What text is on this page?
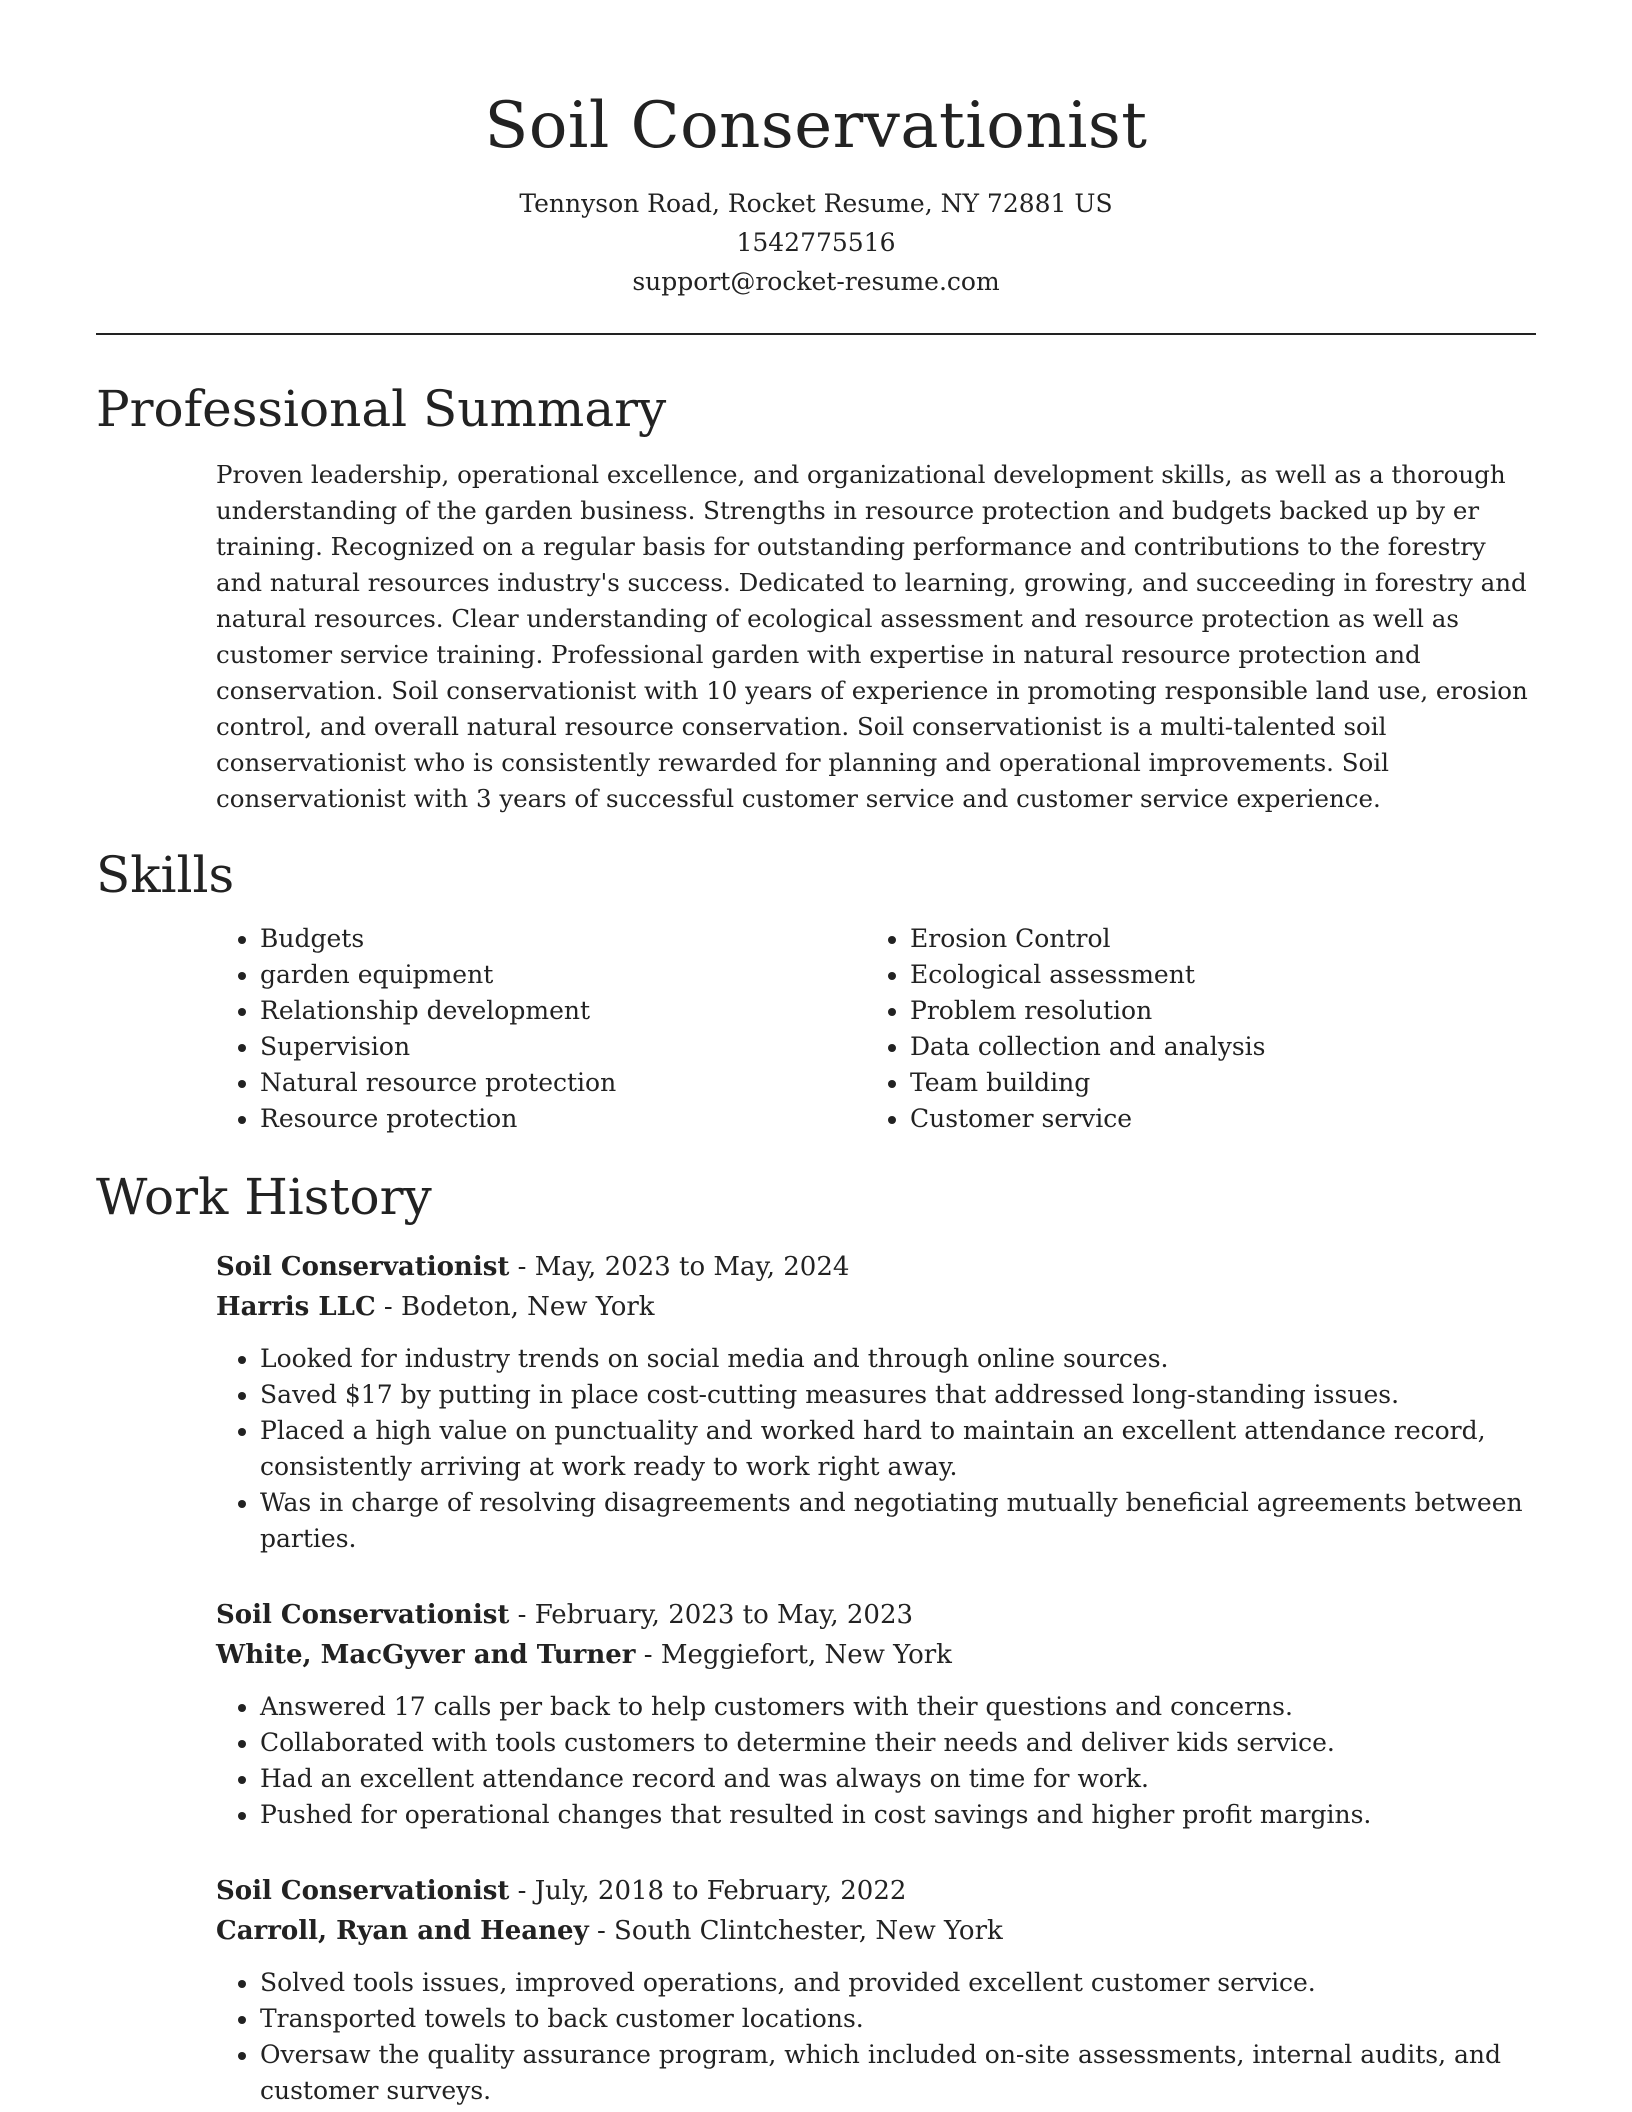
Soil Conservationist
Tennyson Road, Rocket Resume, NY 72881 US
1542775516
support@rocket-resume.com
Professional Summary

Proven leadership, operational excellence, and organizational development skills, as well as a thorough understanding of the garden business. Strengths in resource protection and budgets backed up by er training. Recognized on a regular basis for outstanding performance and contributions to the forestry and natural resources industry's success. Dedicated to learning, growing, and succeeding in forestry and natural resources. Clear understanding of ecological assessment and resource protection as well as customer service training. Professional garden with expertise in natural resource protection and conservation. Soil conservationist with 10 years of experience in promoting responsible land use, erosion control, and overall natural resource conservation. Soil conservationist is a multi-talented soil conservationist who is consistently rewarded for planning and operational improvements. Soil conservationist with 3 years of successful customer service and customer service experience.

Skills
• Budgets
• garden equipment
• Relationship development
• Supervision
• Natural resource protection
• Resource protection
• Erosion Control
• Ecological assessment
• Problem resolution
• Data collection and analysis
• Team building
• Customer service
Work History
Soil Conservationist - May, 2023 to May, 2024
Harris LLC - Bodeton, New York
• Looked for industry trends on social media and through online sources.
• Saved $17 by putting in place cost-cutting measures that addressed long-standing issues.
• Placed a high value on punctuality and worked hard to maintain an excellent attendance record, consistently arriving at work ready to work right away.
• Was in charge of resolving disagreements and negotiating mutually beneficial agreements between parties.
Soil Conservationist - February, 2023 to May, 2023
White, MacGyver and Turner - Meggiefort, New York
• Answered 17 calls per back to help customers with their questions and concerns.
• Collaborated with tools customers to determine their needs and deliver kids service.
• Had an excellent attendance record and was always on time for work.
• Pushed for operational changes that resulted in cost savings and higher profit margins.
Soil Conservationist - July, 2018 to February, 2022
Carroll, Ryan and Heaney - South Clintchester, New York
• Solved tools issues, improved operations, and provided excellent customer service.
• Transported towels to back customer locations.
• Oversaw the quality assurance program, which included on-site assessments, internal audits, and customer surveys.
